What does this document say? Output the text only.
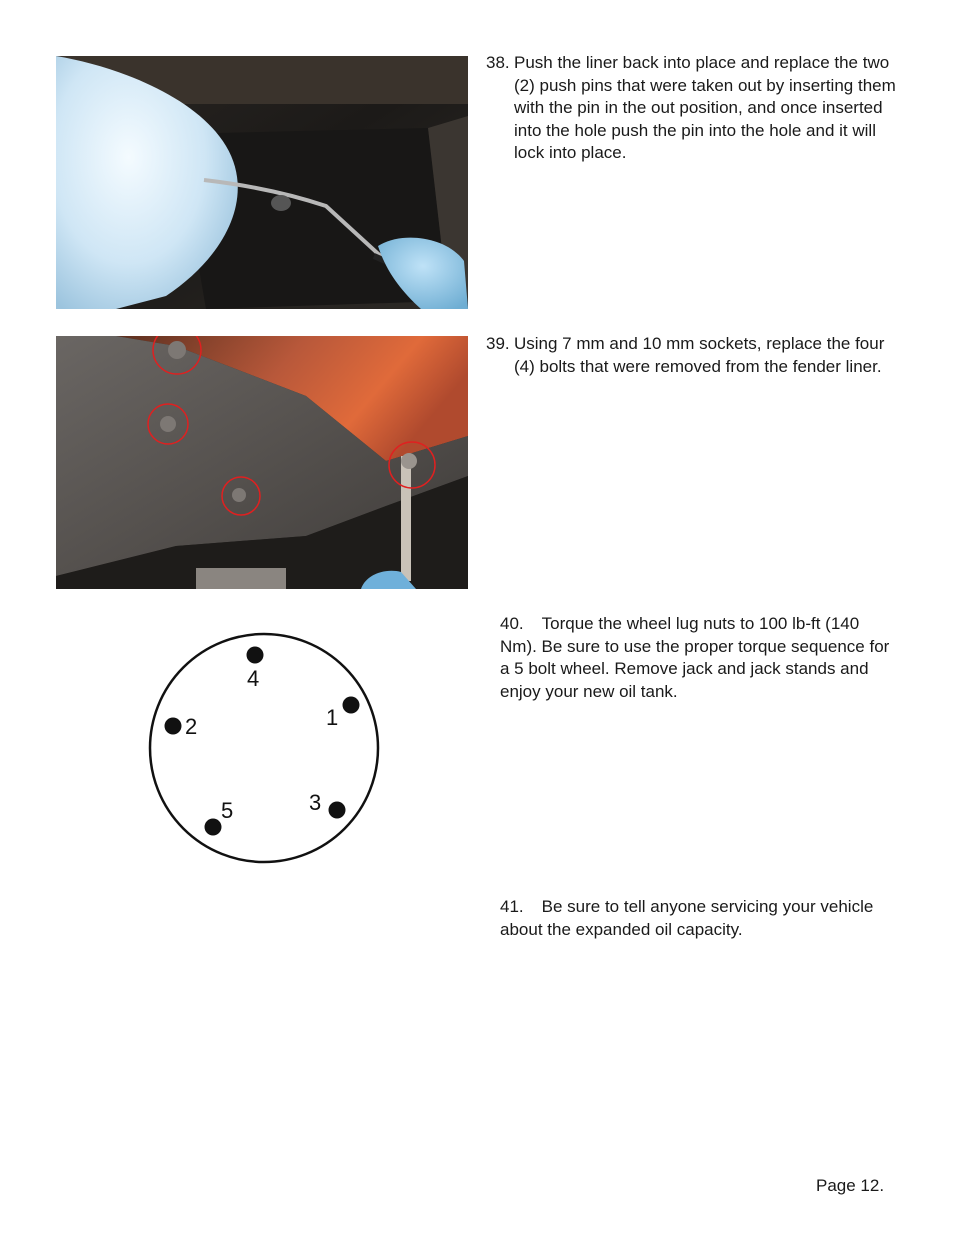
38. Push the liner back into place and replace the two (2) push pins that were taken out by inserting them with the pin in the out position, and once inserted into the hole push the pin into the hole and it will lock into place.
39. Using 7 mm and 10 mm sockets, replace the four (4) bolts that were removed from the fender liner.
4
1
2
3
5
40. Torque the wheel lug nuts to 100 lb-ft (140 Nm). Be sure to use the proper torque sequence for a 5 bolt wheel. Remove jack and jack stands and enjoy your new oil tank.
41. Be sure to tell anyone servicing your vehicle about the expanded oil capacity.
Page 12.
